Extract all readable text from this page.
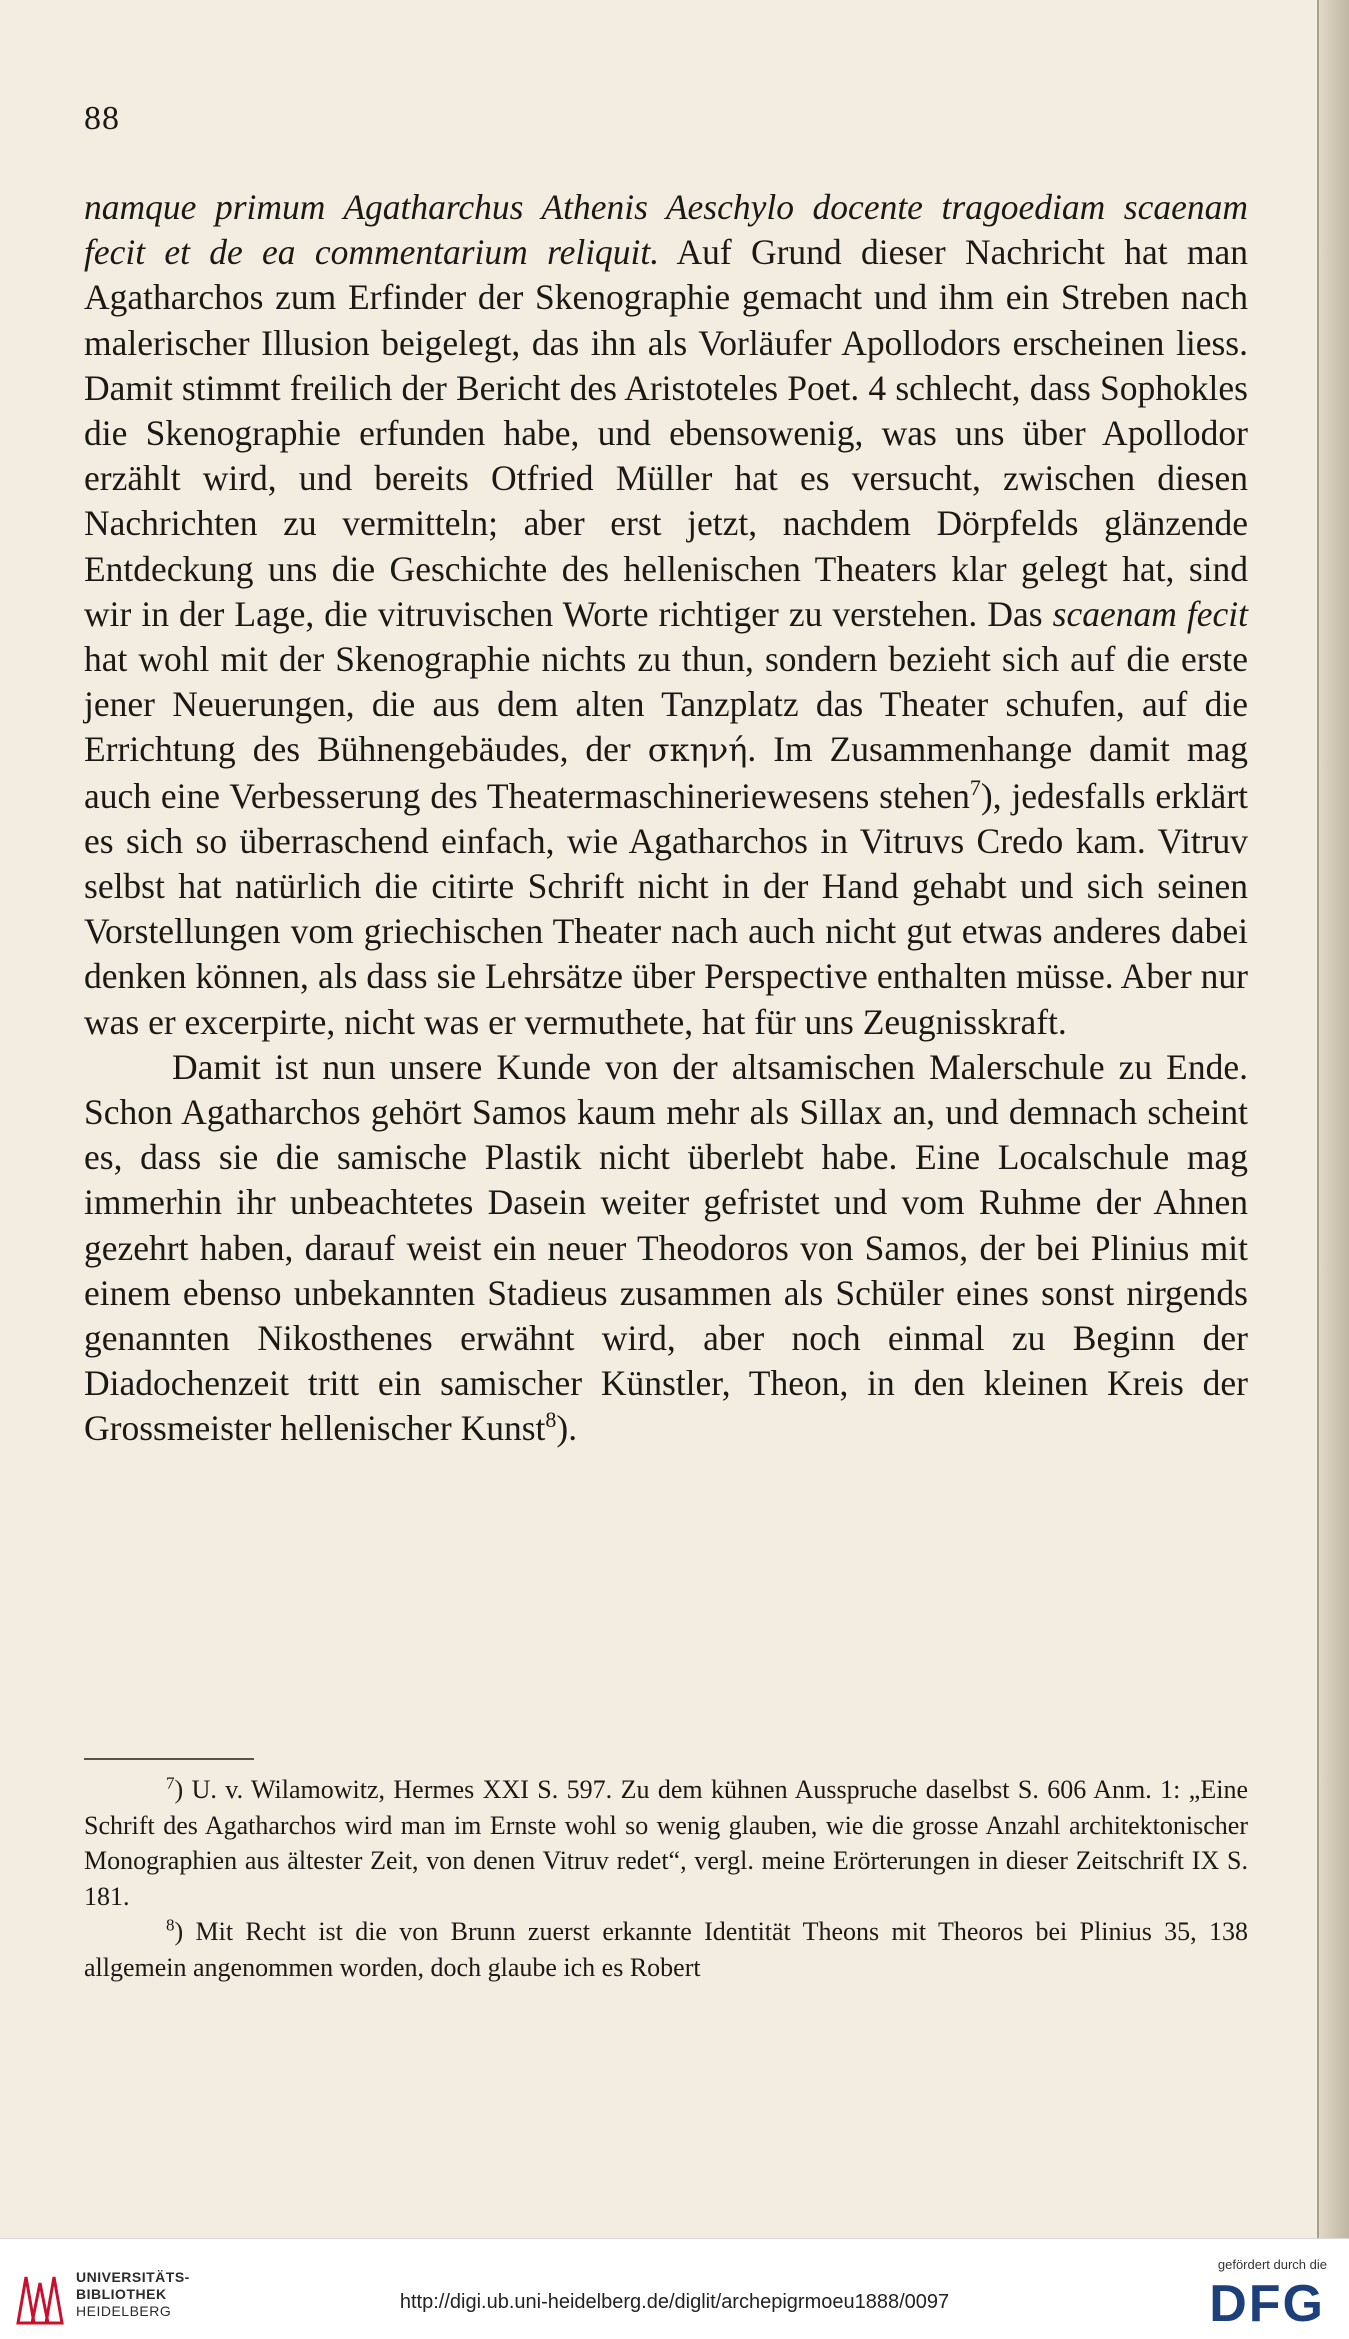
88

namque primum Agatharchus Athenis Aeschylo docente tragoediam scaenam fecit et de ea commentarium reliquit. Auf Grund dieser Nachricht hat man Agatharchos zum Erfinder der Skenographie gemacht und ihm ein Streben nach malerischer Illusion beigelegt, das ihn als Vorläufer Apollodors erscheinen liess. Damit stimmt freilich der Bericht des Aristoteles Poet. 4 schlecht, dass Sophokles die Skenographie erfunden habe, und ebensowenig, was uns über Apollodor erzählt wird, und bereits Otfried Müller hat es versucht, zwischen diesen Nachrichten zu vermitteln; aber erst jetzt, nachdem Dörpfelds glänzende Entdeckung uns die Geschichte des hellenischen Theaters klar gelegt hat, sind wir in der Lage, die vitruvischen Worte richtiger zu verstehen. Das scaenam fecit hat wohl mit der Skenographie nichts zu thun, sondern bezieht sich auf die erste jener Neuerungen, die aus dem alten Tanzplatz das Theater schufen, auf die Errichtung des Bühnengebäudes, der σκηνή. Im Zusammenhange damit mag auch eine Verbesserung des Theatermaschineriewesens stehen$^7$), jedesfalls erklärt es sich so überraschend einfach, wie Agatharchos in Vitruvs Credo kam. Vitruv selbst hat natürlich die citirte Schrift nicht in der Hand gehabt und sich seinen Vorstellungen vom griechischen Theater nach auch nicht gut etwas anderes dabei denken können, als dass sie Lehrsätze über Perspective enthalten müsse. Aber nur was er excerpirte, nicht was er vermuthete, hat für uns Zeugnisskraft.

Damit ist nun unsere Kunde von der altsamischen Malerschule zu Ende. Schon Agatharchos gehört Samos kaum mehr als Sillax an, und demnach scheint es, dass sie die samische Plastik nicht überlebt habe. Eine Localschule mag immerhin ihr unbeachtetes Dasein weiter gefristet und vom Ruhme der Ahnen gezehrt haben, darauf weist ein neuer Theodoros von Samos, der bei Plinius mit einem ebenso unbekannten Stadieus zusammen als Schüler eines sonst nirgends genannten Nikosthenes erwähnt wird, aber noch einmal zu Beginn der Diadochenzeit tritt ein samischer Künstler, Theon, in den kleinen Kreis der Grossmeister hellenischer Kunst$^8$).

$^7$) U. v. Wilamowitz, Hermes XXI S. 597. Zu dem kühnen Ausspruche daselbst S. 606 Anm. 1: „Eine Schrift des Agatharchos wird man im Ernste wohl so wenig glauben, wie die grosse Anzahl architektonischer Monographien aus ältester Zeit, von denen Vitruv redet“, vergl. meine Erörterungen in dieser Zeitschrift IX S. 181.

$^8$) Mit Recht ist die von Brunn zuerst erkannte Identität Theons mit Theoros bei Plinius 35, 138 allgemein angenommen worden, doch glaube ich es Robert

UNIVERSITÄTS-
BIBLIOTHEK
HEIDELBERG	http://digi.ub.uni-heidelberg.de/diglit/archepigrmoeu1888/0097
gefördert durch die
DFG
